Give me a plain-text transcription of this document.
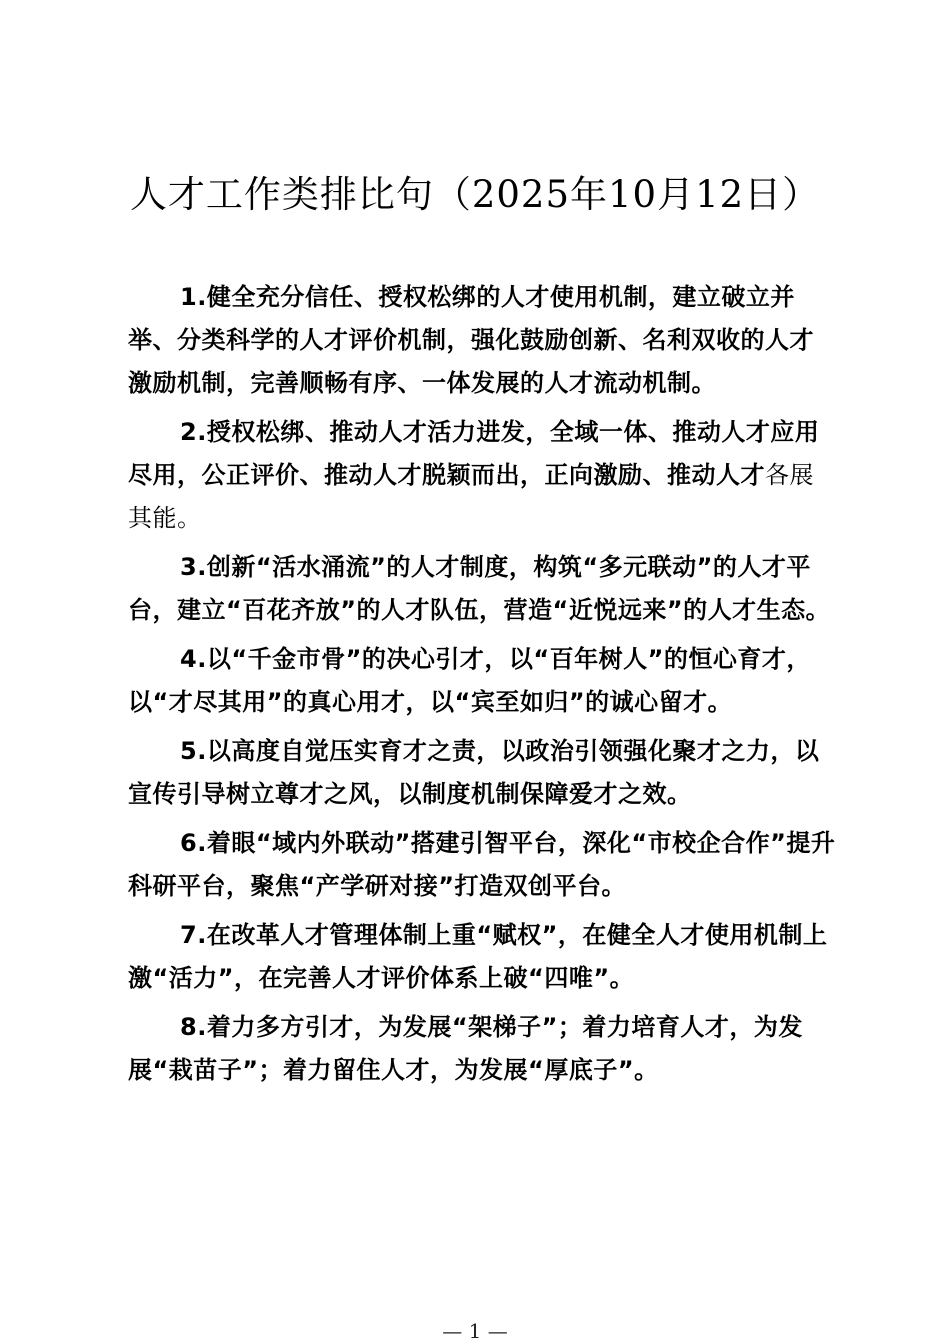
人才工作类排比句（2025年10月12日）

1.健全充分信任、授权松绑的人才使用机制，建立破立并举、分类科学的人才评价机制，强化鼓励创新、名利双收的人才激励机制，完善顺畅有序、一体发展的人才流动机制。

2.授权松绑、推动人才活力进发，全域一体、推动人才应用尽用，公正评价、推动人才脱颖而出，正向激励、推动人才各展其能。

3.创新“活水涌流”的人才制度，构筑“多元联动”的人才平台，建立“百花齐放”的人才队伍，营造“近悦远来”的人才生态。

4.以“千金市骨”的决心引才，以“百年树人”的恒心育才，以“才尽其用”的真心用才，以“宾至如归”的诚心留才。

5.以高度自觉压实育才之责，以政治引领强化聚才之力，以宣传引导树立尊才之风，以制度机制保障爱才之效。

6.着眼“域内外联动”搭建引智平台，深化“市校企合作”提升科研平台，聚焦“产学研对接”打造双创平台。

7.在改革人才管理体制上重“赋权”，在健全人才使用机制上激“活力”，在完善人才评价体系上破“四唯”。

8.着力多方引才，为发展“架梯子”；着力培育人才，为发展“栽苗子”；着力留住人才，为发展“厚底子”。

— 1 —
